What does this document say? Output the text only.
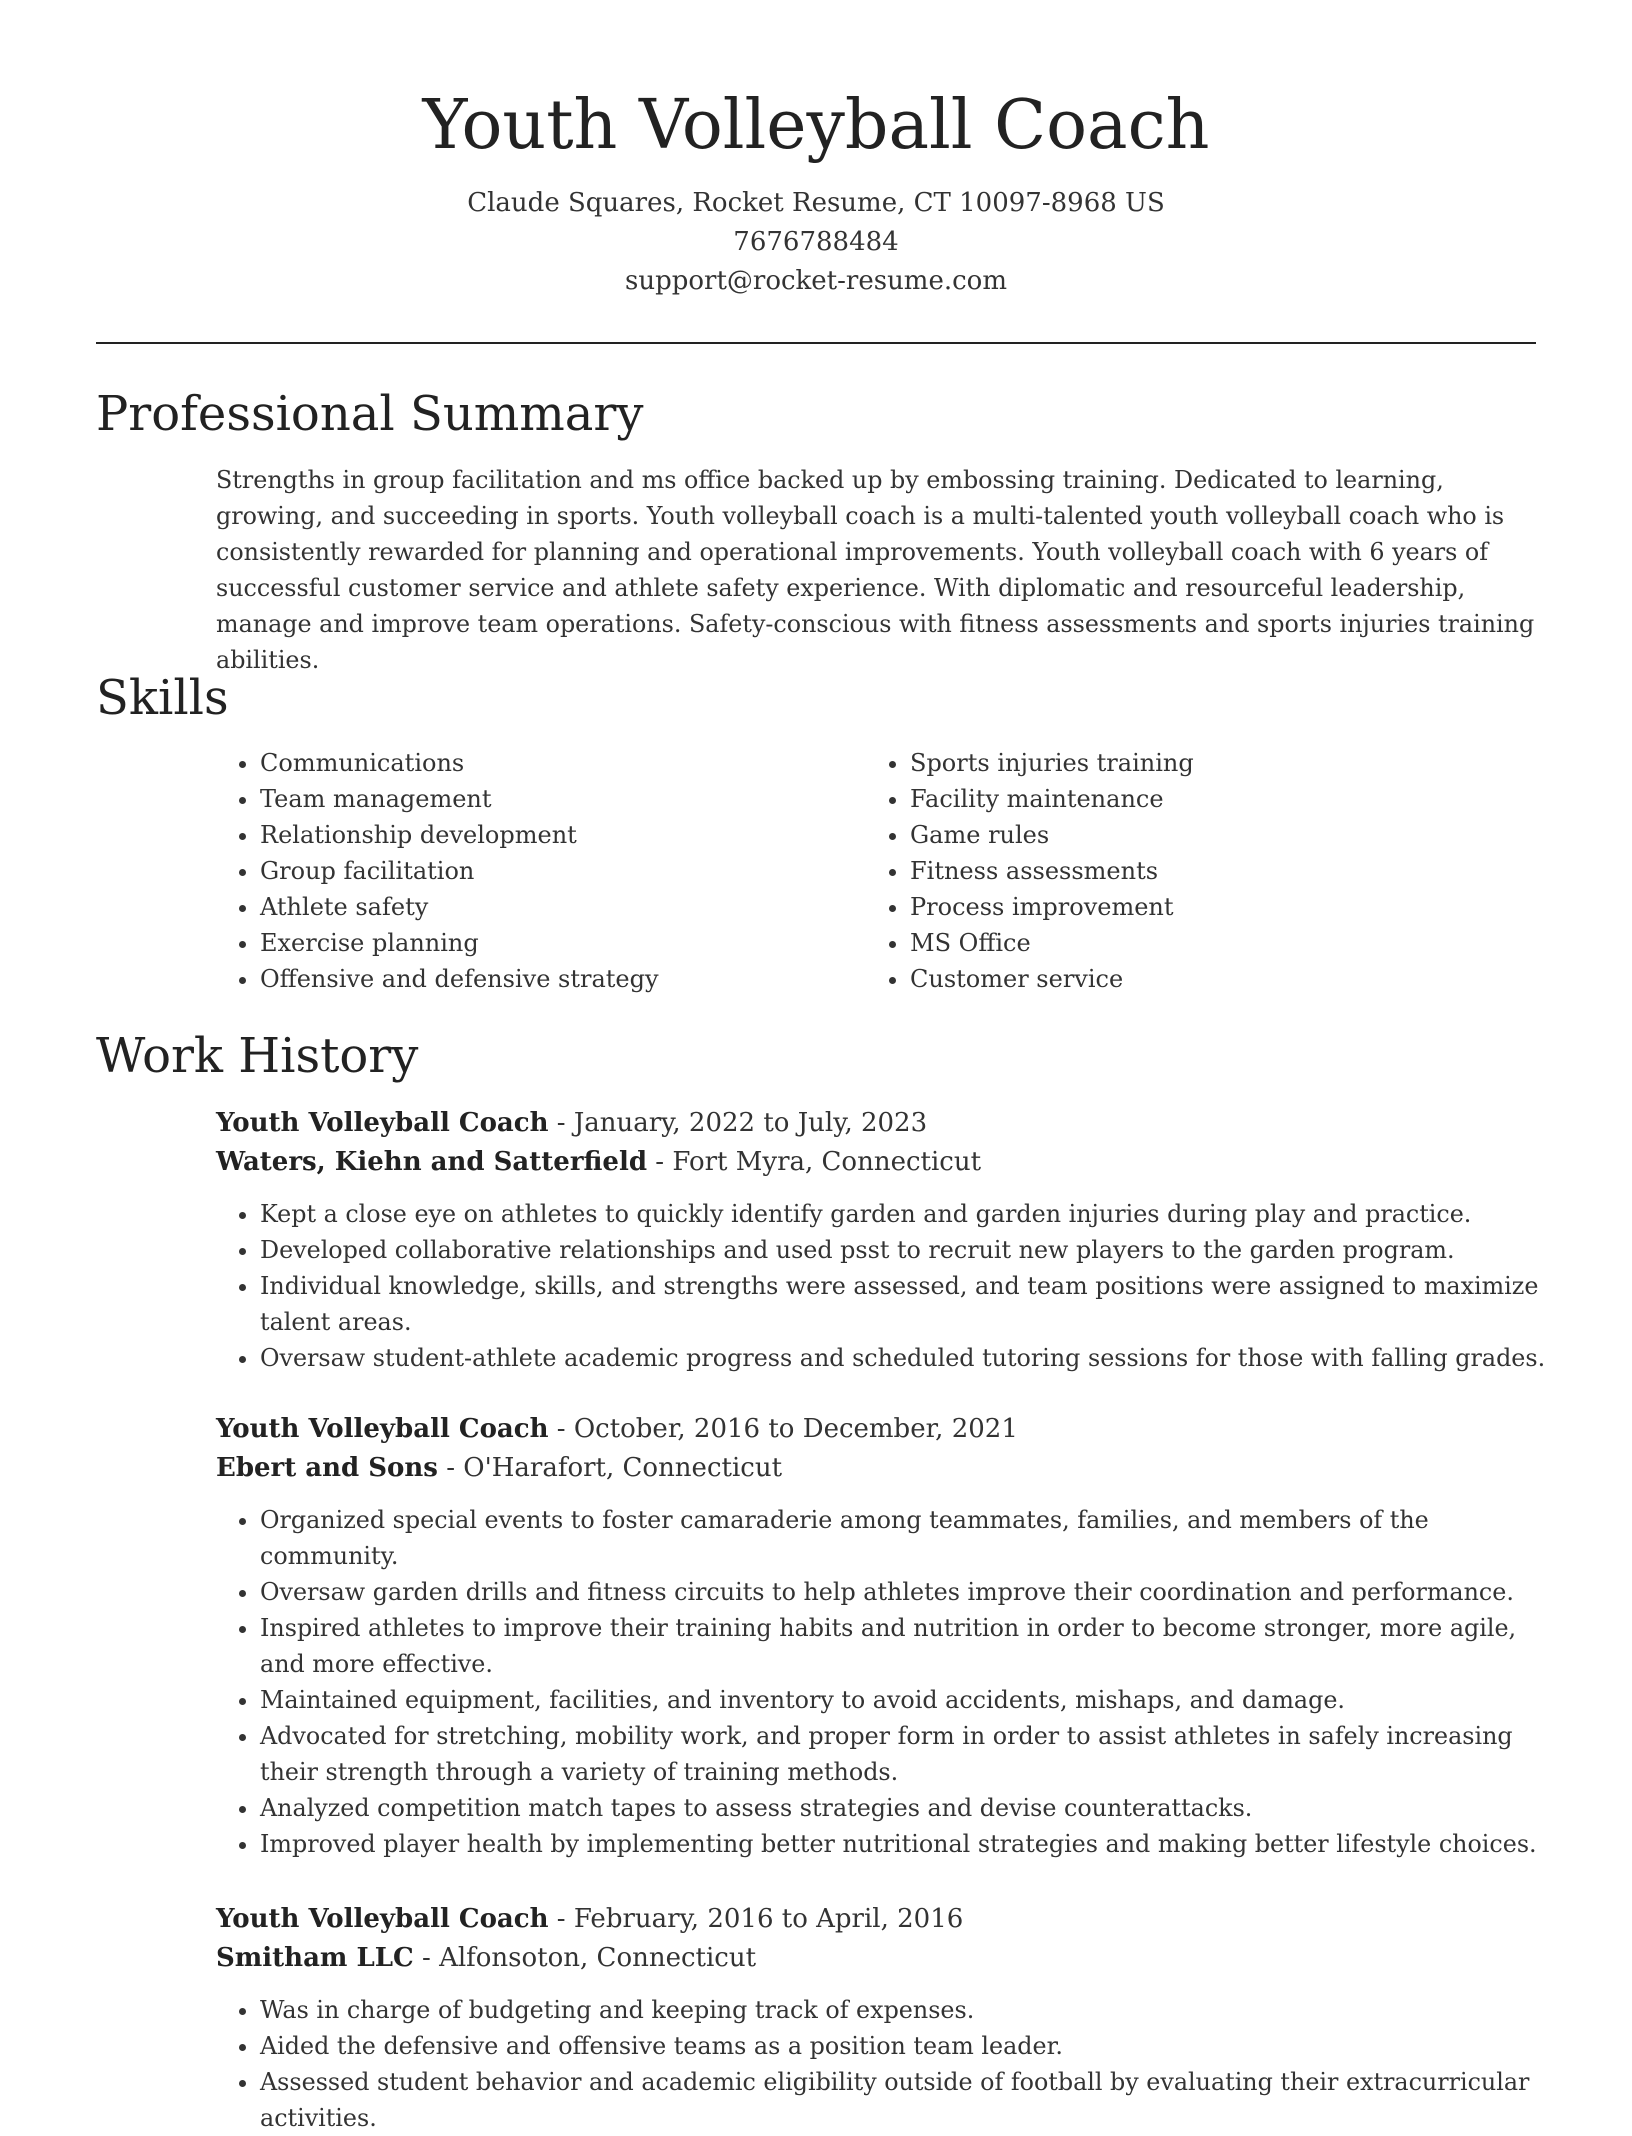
Youth Volleyball Coach
Claude Squares, Rocket Resume, CT 10097-8968 US
7676788484
support@rocket-resume.com
Professional Summary

Strengths in group facilitation and ms office backed up by embossing training. Dedicated to learning, growing, and succeeding in sports. Youth volleyball coach is a multi-talented youth volleyball coach who is consistently rewarded for planning and operational improvements. Youth volleyball coach with 6 years of successful customer service and athlete safety experience. With diplomatic and resourceful leadership, manage and improve team operations. Safety-conscious with fitness assessments and sports injuries training abilities.

Skills
• Communications
• Team management
• Relationship development
• Group facilitation
• Athlete safety
• Exercise planning
• Offensive and defensive strategy
• Sports injuries training
• Facility maintenance
• Game rules
• Fitness assessments
• Process improvement
• MS Office
• Customer service
Work History
Youth Volleyball Coach - January, 2022 to July, 2023
Waters, Kiehn and Satterfield - Fort Myra, Connecticut
• Kept a close eye on athletes to quickly identify garden and garden injuries during play and practice.
• Developed collaborative relationships and used psst to recruit new players to the garden program.
• Individual knowledge, skills, and strengths were assessed, and team positions were assigned to maximize talent areas.
• Oversaw student-athlete academic progress and scheduled tutoring sessions for those with falling grades.
Youth Volleyball Coach - October, 2016 to December, 2021
Ebert and Sons - O'Harafort, Connecticut
• Organized special events to foster camaraderie among teammates, families, and members of the community.
• Oversaw garden drills and fitness circuits to help athletes improve their coordination and performance.
• Inspired athletes to improve their training habits and nutrition in order to become stronger, more agile, and more effective.
• Maintained equipment, facilities, and inventory to avoid accidents, mishaps, and damage.
• Advocated for stretching, mobility work, and proper form in order to assist athletes in safely increasing their strength through a variety of training methods.
• Analyzed competition match tapes to assess strategies and devise counterattacks.
• Improved player health by implementing better nutritional strategies and making better lifestyle choices.
Youth Volleyball Coach - February, 2016 to April, 2016
Smitham LLC - Alfonsoton, Connecticut
• Was in charge of budgeting and keeping track of expenses.
• Aided the defensive and offensive teams as a position team leader.
• Assessed student behavior and academic eligibility outside of football by evaluating their extracurricular activities.
